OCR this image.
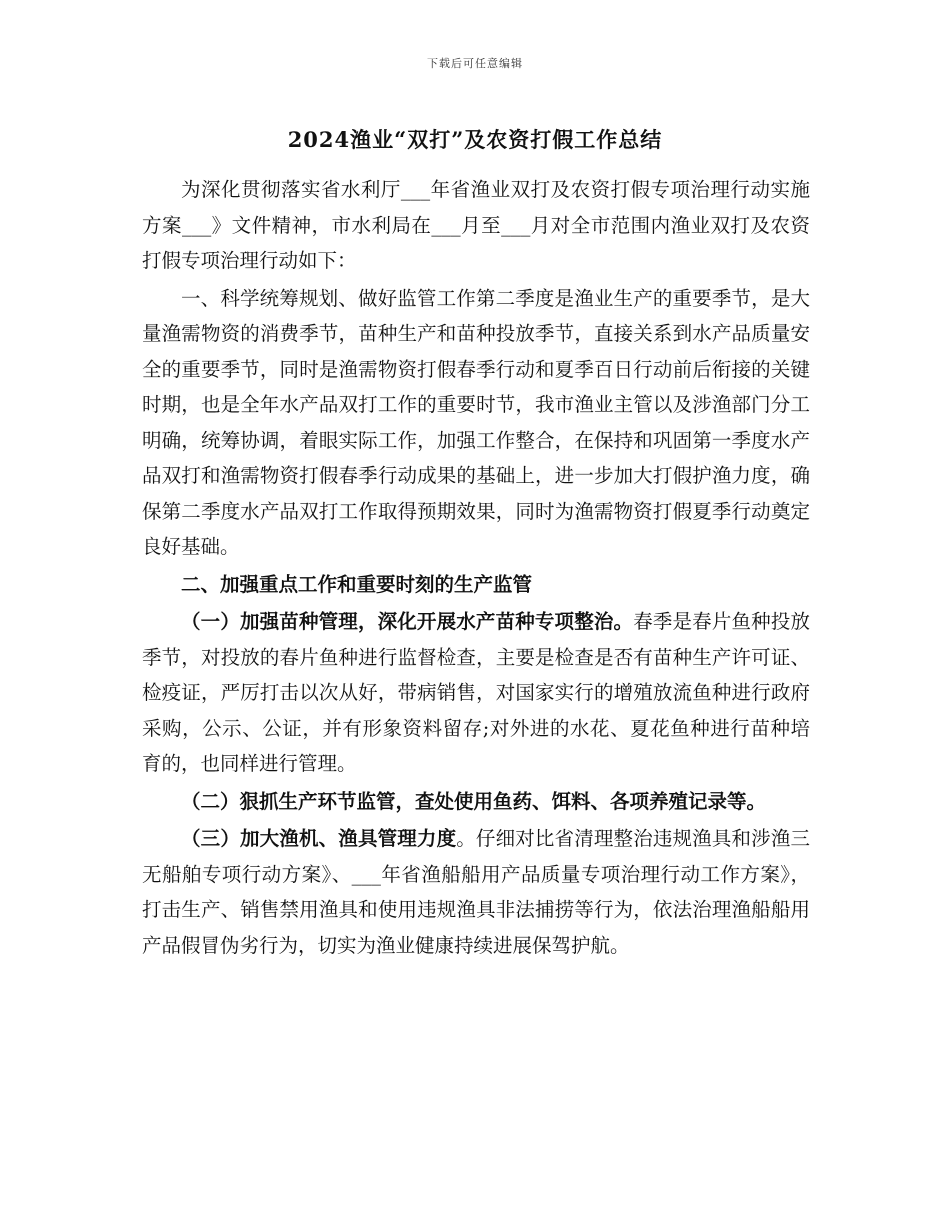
下载后可任意编辑
2024渔业“双打”及农资打假工作总结

为深化贯彻落实省水利厅___年省渔业双打及农资打假专项治理行动实施方案___》文件精神，市水利局在___月至___月对全市范围内渔业双打及农资打假专项治理行动如下：

一、科学统筹规划、做好监管工作第二季度是渔业生产的重要季节，是大量渔需物资的消费季节，苗种生产和苗种投放季节，直接关系到水产品质量安全的重要季节，同时是渔需物资打假春季行动和夏季百日行动前后衔接的关键时期，也是全年水产品双打工作的重要时节，我市渔业主管以及涉渔部门分工明确，统筹协调，着眼实际工作，加强工作整合，在保持和巩固第一季度水产品双打和渔需物资打假春季行动成果的基础上，进一步加大打假护渔力度，确保第二季度水产品双打工作取得预期效果，同时为渔需物资打假夏季行动奠定良好基础。

二、加强重点工作和重要时刻的生产监管

（一）加强苗种管理，深化开展水产苗种专项整治。春季是春片鱼种投放季节，对投放的春片鱼种进行监督检查，主要是检查是否有苗种生产许可证、检疫证，严厉打击以次从好，带病销售，对国家实行的增殖放流鱼种进行政府采购，公示、公证，并有形象资料留存;对外进的水花、夏花鱼种进行苗种培育的，也同样进行管理。

（二）狠抓生产环节监管，查处使用鱼药、饵料、各项养殖记录等。

（三）加大渔机、渔具管理力度。仔细对比省清理整治违规渔具和涉渔三无船舶专项行动方案》、___年省渔船船用产品质量专项治理行动工作方案》，打击生产、销售禁用渔具和使用违规渔具非法捕捞等行为，依法治理渔船船用产品假冒伪劣行为，切实为渔业健康持续进展保驾护航。
